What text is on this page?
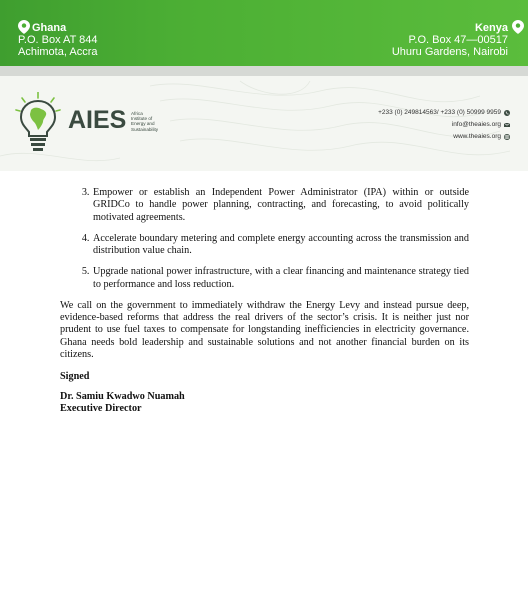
Ghana
P.O. Box AT 844
Achimota, Accra
Kenya
P.O. Box 47—00517
Uhuru Gardens, Nairobi
AIES Africa
Institute of
Energy and
Sustainability
+233 (0) 249814563/ +233 (0) 50999 9959
info@theaies.org
www.theaies.org
3. Empower or establish an Independent Power Administrator (IPA) within or outside GRIDCo to handle power planning, contracting, and forecasting, to avoid politically motivated agreements.
4. Accelerate boundary metering and complete energy accounting across the transmission and distribution value chain.
5. Upgrade national power infrastructure, with a clear financing and maintenance strategy tied to performance and loss reduction.

We call on the government to immediately withdraw the Energy Levy and instead pursue deep, evidence-based reforms that address the real drivers of the sector’s crisis. It is neither just nor prudent to use fuel taxes to compensate for longstanding inefficiencies in electricity governance. Ghana needs bold leadership and sustainable solutions and not another financial burden on its citizens.

Signed
Dr. Samiu Kwadwo Nuamah
Executive Director
